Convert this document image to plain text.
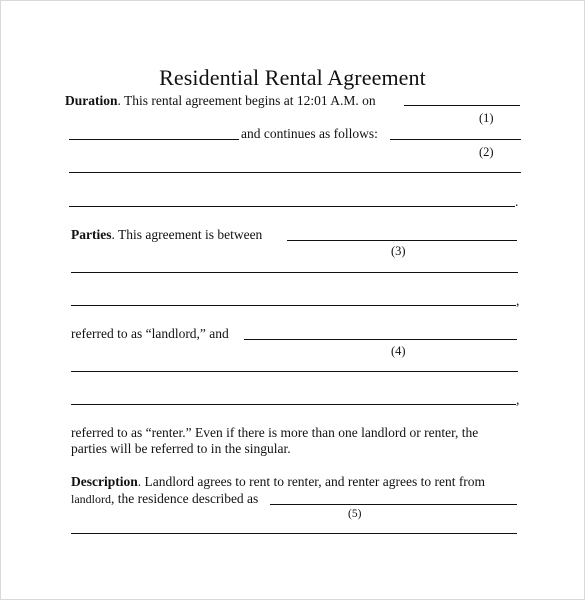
Residential Rental Agreement
Duration. This rental agreement begins at 12:01 A.M. on
(1)
and continues as follows:
(2)
.
Parties. This agreement is between
(3)
,
referred to as “landlord,” and
(4)
,
referred to as “renter.” Even if there is more than one landlord or renter, the
parties will be referred to in the singular.
Description. Landlord agrees to rent to renter, and renter agrees to rent from
landlord, the residence described as
(5)
